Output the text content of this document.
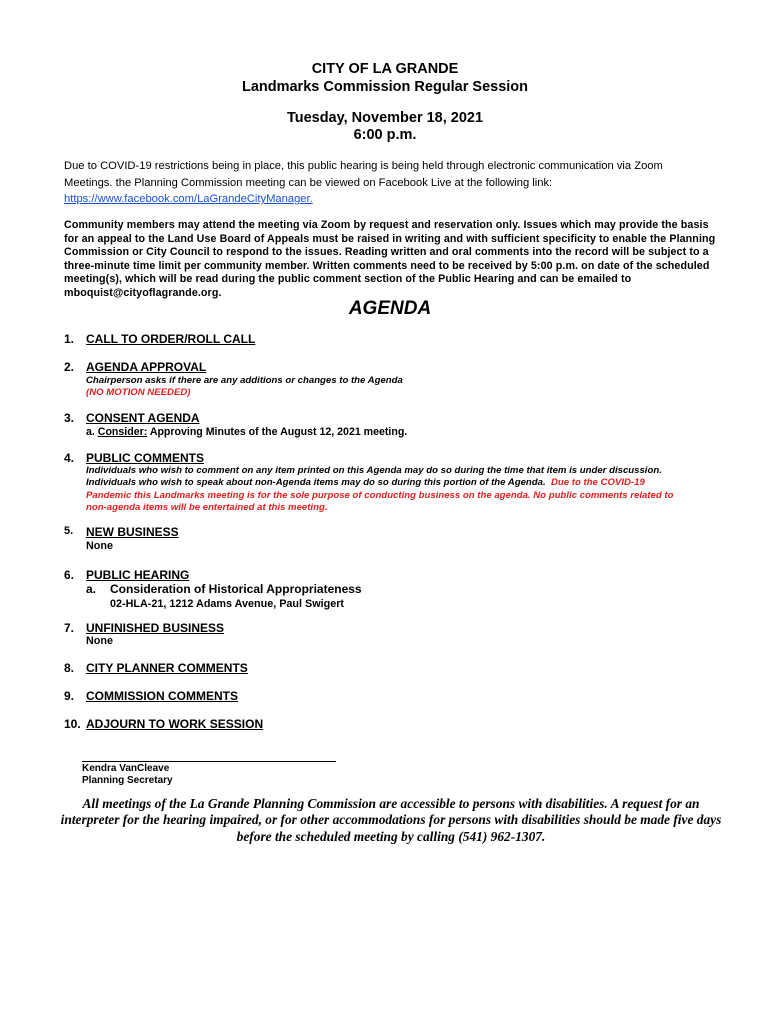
CITY OF LA GRANDE
Landmarks Commission Regular Session
Tuesday, November 18, 2021
6:00 p.m.
Due to COVID-19 restrictions being in place, this public hearing is being held through electronic communication via Zoom Meetings. the Planning Commission meeting can be viewed on Facebook Live at the following link:
https://www.facebook.com/LaGrandeCityManager.
Community members may attend the meeting via Zoom by request and reservation only. Issues which may provide the basis for an appeal to the Land Use Board of Appeals must be raised in writing and with sufficient specificity to enable the Planning Commission or City Council to respond to the issues. Reading written and oral comments into the record will be subject to a three-minute time limit per community member. Written comments need to be received by 5:00 p.m. on date of the scheduled meeting(s), which will be read during the public comment section of the Public Hearing and can be emailed to mboquist@cityoflagrande.org.
AGENDA
1. CALL TO ORDER/ROLL CALL
2. AGENDA APPROVAL
Chairperson asks if there are any additions or changes to the Agenda
(NO MOTION NEEDED)
3. CONSENT AGENDA
a. Consider: Approving Minutes of the August 12, 2021 meeting.
4. PUBLIC COMMENTS
Individuals who wish to comment on any item printed on this Agenda may do so during the time that item is under discussion.
Individuals who wish to speak about non-Agenda items may do so during this portion of the Agenda. Due to the COVID-19
Pandemic this Landmarks meeting is for the sole purpose of conducting business on the agenda. No public comments related to
non-agenda items will be entertained at this meeting.
5. NEW BUSINESS
None
6. PUBLIC HEARING
a. Consideration of Historical Appropriateness
02-HLA-21, 1212 Adams Avenue, Paul Swigert
7. UNFINISHED BUSINESS
None
8. CITY PLANNER COMMENTS
9. COMMISSION COMMENTS
10. ADJOURN TO WORK SESSION
Kendra VanCleave
Planning Secretary
All meetings of the La Grande Planning Commission are accessible to persons with disabilities. A request for an interpreter for the hearing impaired, or for other accommodations for persons with disabilities should be made five days before the scheduled meeting by calling (541) 962-1307.
